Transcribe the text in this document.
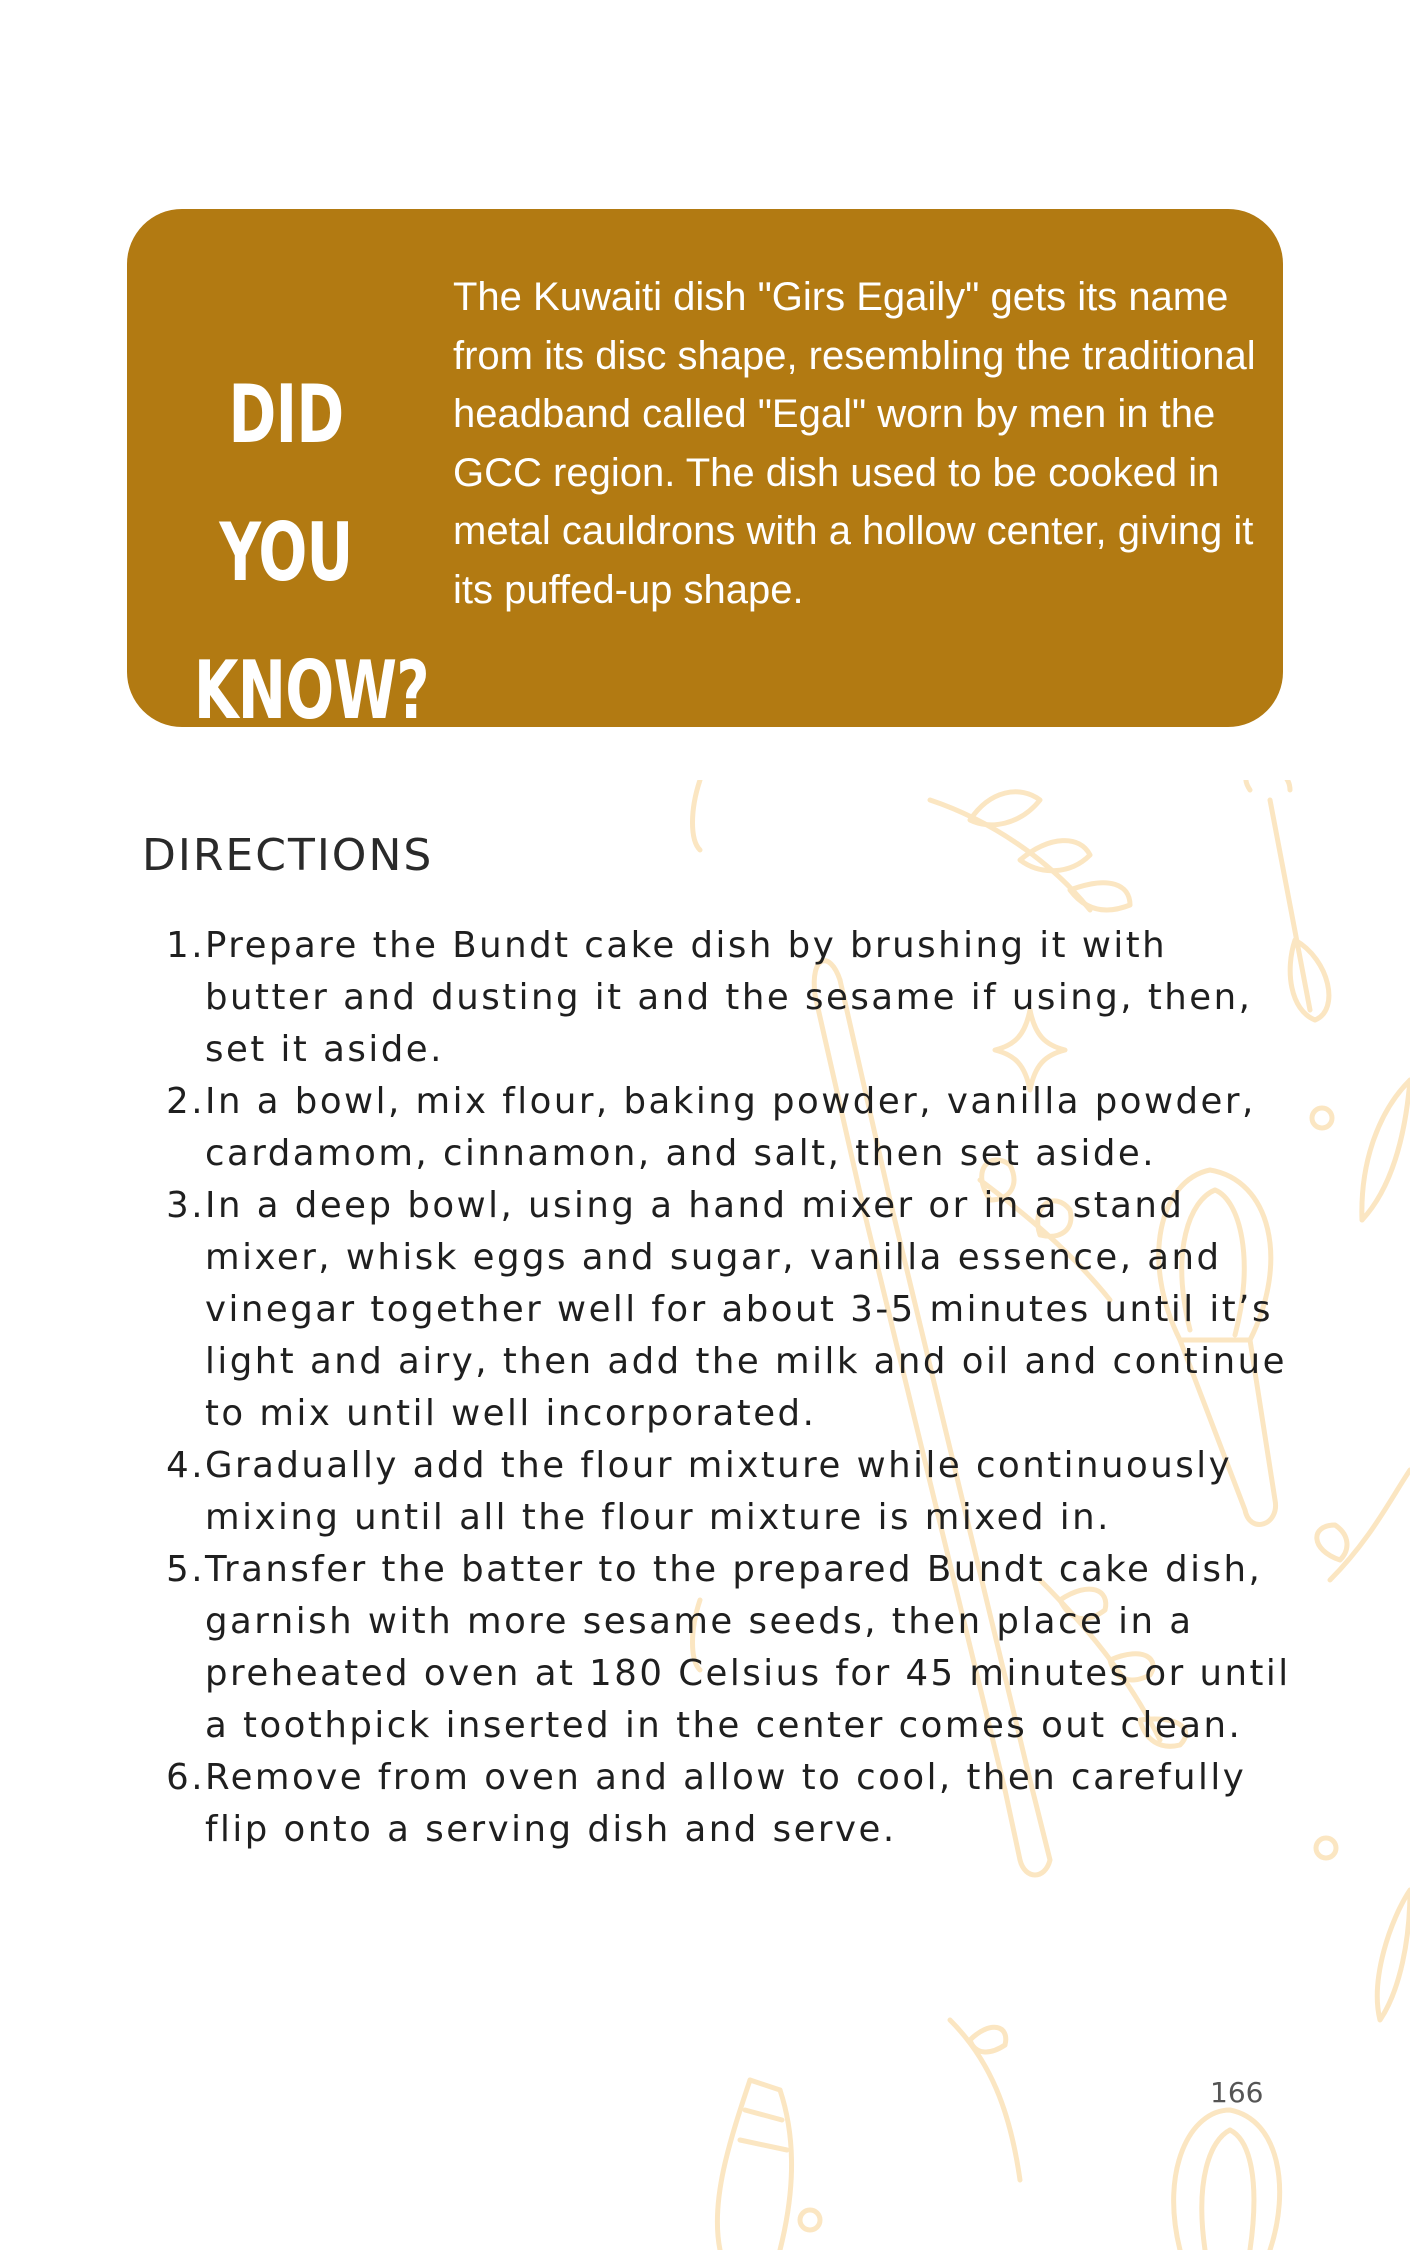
DID YOU
KNOW?
The Kuwaiti dish "Girs Egaily" gets its name from its disc shape, resembling the traditional headband called "Egal" worn by men in the GCC region. The dish used to be cooked in metal cauldrons with a hollow center, giving it its puffed-up shape.
DIRECTIONS
1. Prepare the Bundt cake dish by brushing it with butter and dusting it and the sesame if using, then, set it aside.
2. In a bowl, mix flour, baking powder, vanilla powder, cardamom, cinnamon, and salt, then set aside.
3. In a deep bowl, using a hand mixer or in a stand mixer, whisk eggs and sugar, vanilla essence, and vinegar together well for about 3-5 minutes until it’s light and airy, then add the milk and oil and continue to mix until well incorporated.
4. Gradually add the flour mixture while continuously mixing until all the flour mixture is mixed in.
5. Transfer the batter to the prepared Bundt cake dish, garnish with more sesame seeds, then place in a preheated oven at 180 Celsius for 45 minutes or until a toothpick inserted in the center comes out clean.
6. Remove from oven and allow to cool, then carefully flip onto a serving dish and serve.
166
